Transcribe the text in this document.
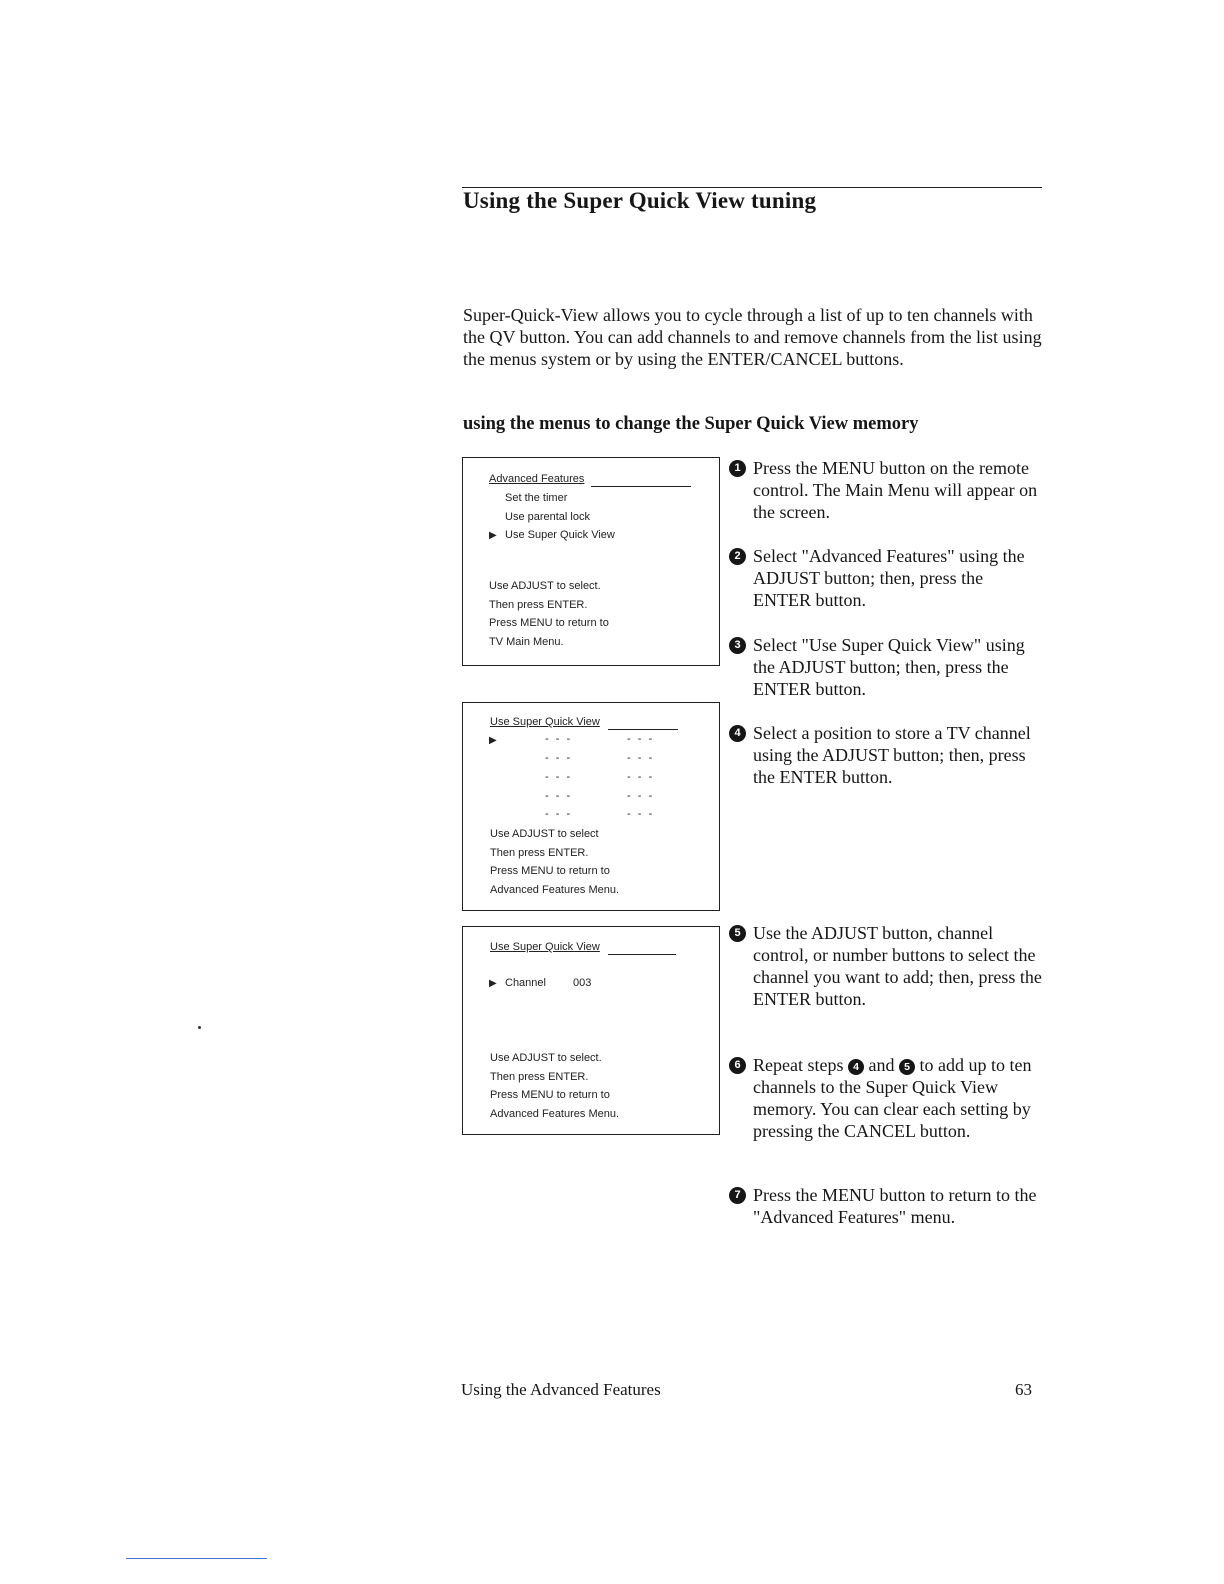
Using the Super Quick View tuning
Super-Quick-View allows you to cycle through a list of up to ten channels with the QV button. You can add channels to and remove channels from the list using the menus system or by using the ENTER/CANCEL buttons.
using the menus to change the Super Quick View memory
Advanced Features
Set the timer
Use parental lock
▶ Use Super Quick View
Use ADJUST to select.
Then press ENTER.
Press MENU to return to
TV Main Menu.
Use Super Quick View
▶	- - -	- - -
- - -	- - -
- - -	- - -
- - -	- - -
- - -	- - -
Use ADJUST to select
Then press ENTER.
Press MENU to return to
Advanced Features Menu.
Use Super Quick View
▶ Channel 003
Use ADJUST to select.
Then press ENTER.
Press MENU to return to
Advanced Features Menu.
1 Press the MENU button on the remote control. The Main Menu will appear on the screen.
2 Select "Advanced Features" using the ADJUST button; then, press the ENTER button.
3 Select "Use Super Quick View" using the ADJUST button; then, press the ENTER button.
4 Select a position to store a TV channel using the ADJUST button; then, press the ENTER button.
5 Use the ADJUST button, channel control, or number buttons to select the channel you want to add; then, press the ENTER button.
6 Repeat steps 4 and 5 to add up to ten channels to the Super Quick View memory. You can clear each setting by pressing the CANCEL button.
7 Press the MENU button to return to the "Advanced Features" menu.
Using the Advanced Features	63
